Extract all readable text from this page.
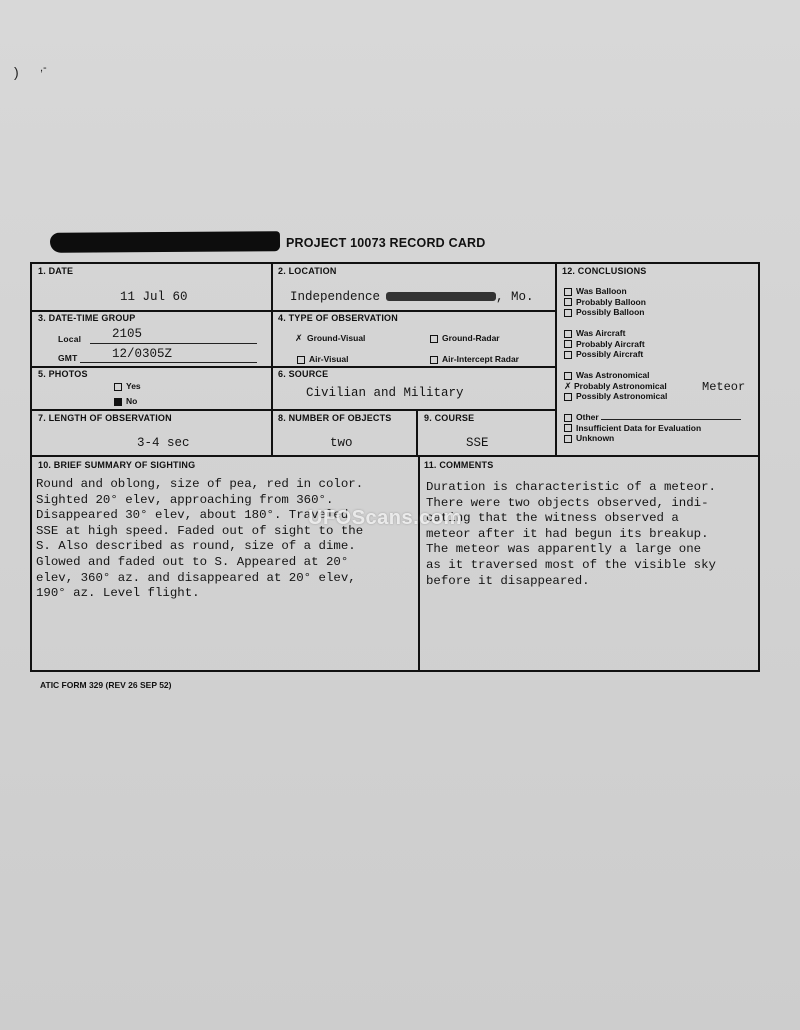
) ,-
PROJECT 10073 RECORD CARD
1. DATE
11 Jul 60
2. LOCATION
Independence	, Mo.
3. DATE-TIME GROUP
Local 2105
GMT	12/0305Z
4. TYPE OF OBSERVATION
✗ Ground-Visual	Ground-Radar
Air-Visual	Air-Intercept Radar
5. PHOTOS
Yes
No
6. SOURCE
Civilian and Military
7. LENGTH OF OBSERVATION
3-4 sec
8. NUMBER OF OBJECTS
two
9. COURSE
SSE
12. CONCLUSIONS
Was Balloon
Probably Balloon
Possibly Balloon
Was Aircraft
Probably Aircraft
Possibly Aircraft
Was Astronomical
✗ Probably Astronomical
Possibly Astronomical
Meteor
Other
Insufficient Data for Evaluation
Unknown
10. BRIEF SUMMARY OF SIGHTING
Round and oblong, size of pea, red in color.
Sighted 20° elev, approaching from 360°.
Disappeared 30° elev, about 180°. Traveled
SSE at high speed. Faded out of sight to the
S. Also described as round, size of a dime.
Glowed and faded out to S. Appeared at 20°
elev, 360° az. and disappeared at 20° elev,
190° az. Level flight.
11. COMMENTS
Duration is characteristic of a meteor.
There were two objects observed, indi-
cating that the witness observed a
meteor after it had begun its breakup.
The meteor was apparently a large one
as it traversed most of the visible sky
before it disappeared.
UFOScans.com
ATIC FORM 329 (REV 26 SEP 52)
